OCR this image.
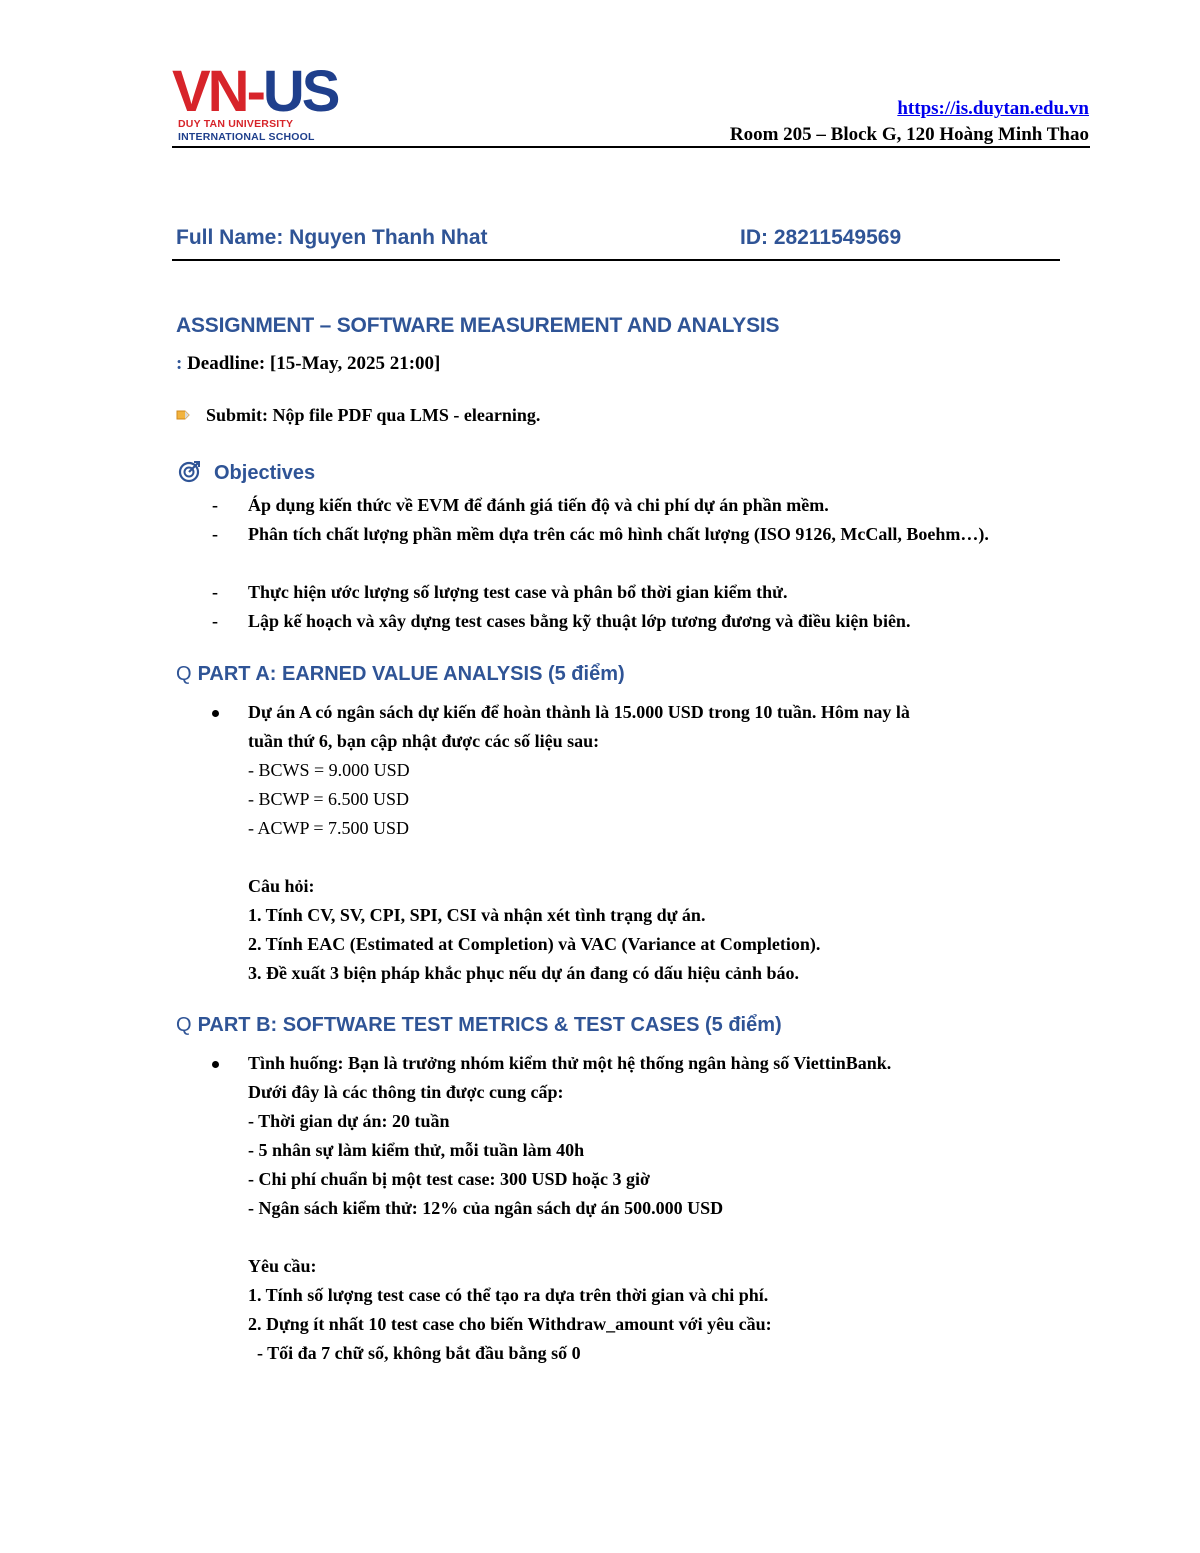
VN-US
DUY TAN UNIVERSITY
INTERNATIONAL SCHOOL
https://is.duytan.edu.vn
Room 205 – Block G, 120 Hoàng Minh Thao
Full Name: Nguyen Thanh Nhat	ID: 28211549569
ASSIGNMENT – SOFTWARE MEASUREMENT AND ANALYSIS
: Deadline: [15-May, 2025 21:00]
Submit: Nộp file PDF qua LMS - elearning.
Objectives
- Áp dụng kiến thức về EVM để đánh giá tiến độ và chi phí dự án phần mềm.
- Phân tích chất lượng phần mềm dựa trên các mô hình chất lượng (ISO 9126, McCall, Boehm…).
- Thực hiện ước lượng số lượng test case và phân bổ thời gian kiểm thử.
- Lập kế hoạch và xây dựng test cases bằng kỹ thuật lớp tương đương và điều kiện biên.
Q PART A: EARNED VALUE ANALYSIS (5 điểm)
Dự án A có ngân sách dự kiến để hoàn thành là 15.000 USD trong 10 tuần. Hôm nay là
tuần thứ 6, bạn cập nhật được các số liệu sau:
- BCWS = 9.000 USD
- BCWP = 6.500 USD
- ACWP = 7.500 USD
Câu hỏi:
1. Tính CV, SV, CPI, SPI, CSI và nhận xét tình trạng dự án.
2. Tính EAC (Estimated at Completion) và VAC (Variance at Completion).
3. Đề xuất 3 biện pháp khắc phục nếu dự án đang có dấu hiệu cảnh báo.
Q PART B: SOFTWARE TEST METRICS & TEST CASES (5 điểm)
Tình huống: Bạn là trưởng nhóm kiểm thử một hệ thống ngân hàng số ViettinBank.
Dưới đây là các thông tin được cung cấp:
- Thời gian dự án: 20 tuần
- 5 nhân sự làm kiểm thử, mỗi tuần làm 40h
- Chi phí chuẩn bị một test case: 300 USD hoặc 3 giờ
- Ngân sách kiểm thử: 12% của ngân sách dự án 500.000 USD
Yêu cầu:
1. Tính số lượng test case có thể tạo ra dựa trên thời gian và chi phí.
2. Dựng ít nhất 10 test case cho biến Withdraw_amount với yêu cầu:
- Tối đa 7 chữ số, không bắt đầu bằng số 0
